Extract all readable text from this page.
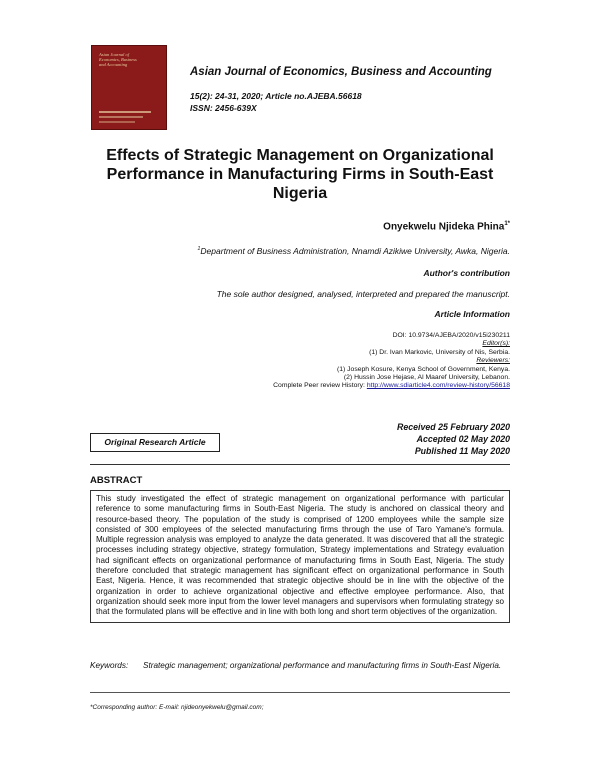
Asian Journal of
Economics, Business
and Accounting
Asian Journal of Economics, Business and Accounting
15(2): 24-31, 2020; Article no.AJEBA.56618
ISSN: 2456-639X
Effects of Strategic Management on Organizational
Performance in Manufacturing Firms in South-East
Nigeria
Onyekwelu Njideka Phina$^{1*}$
$^1$Department of Business Administration, Nnamdi Azikiwe University, Awka, Nigeria.
Author's contribution
The sole author designed, analysed, interpreted and prepared the manuscript.
Article Information
DOI: 10.9734/AJEBA/2020/v15i230211
Editor(s):
(1) Dr. Ivan Markovic, University of Nis, Serbia.
Reviewers:
(1) Joseph Kosure, Kenya School of Government, Kenya.
(2) Hussin Jose Hejase, Al Maaref University, Lebanon.
Complete Peer review History: http://www.sdiarticle4.com/review-history/56618
Received 25 February 2020
Accepted 02 May 2020
Published 11 May 2020
Original Research Article
ABSTRACT
This study investigated the effect of strategic management on organizational performance with particular reference to some manufacturing firms in South-East Nigeria. The study is anchored on classical theory and resource-based theory. The population of the study is comprised of 1200 employees while the sample size consisted of 300 employees of the selected manufacturing firms through the use of Taro Yamane's formula. Multiple regression analysis was employed to analyze the data generated. It was discovered that all the strategic processes including strategy objective, strategy formulation, Strategy implementations and Strategy evaluation had significant effects on organizational performance of manufacturing firms in South East, Nigeria. The study therefore concluded that strategic management has significant effect on organizational performance in South East, Nigeria. Hence, it was recommended that strategic objective should be in line with the objective of the organization in order to achieve organizational objective and effective employee performance. Also, that organization should seek more input from the lower level managers and supervisors when formulating strategy so that the formulated plans will be effective and in line with both long and short term objectives of the organization.
Keywords: Strategic management; organizational performance and manufacturing firms in South-East Nigeria.
*Corresponding author: E-mail: njideonyekwelu@gmail.com;
